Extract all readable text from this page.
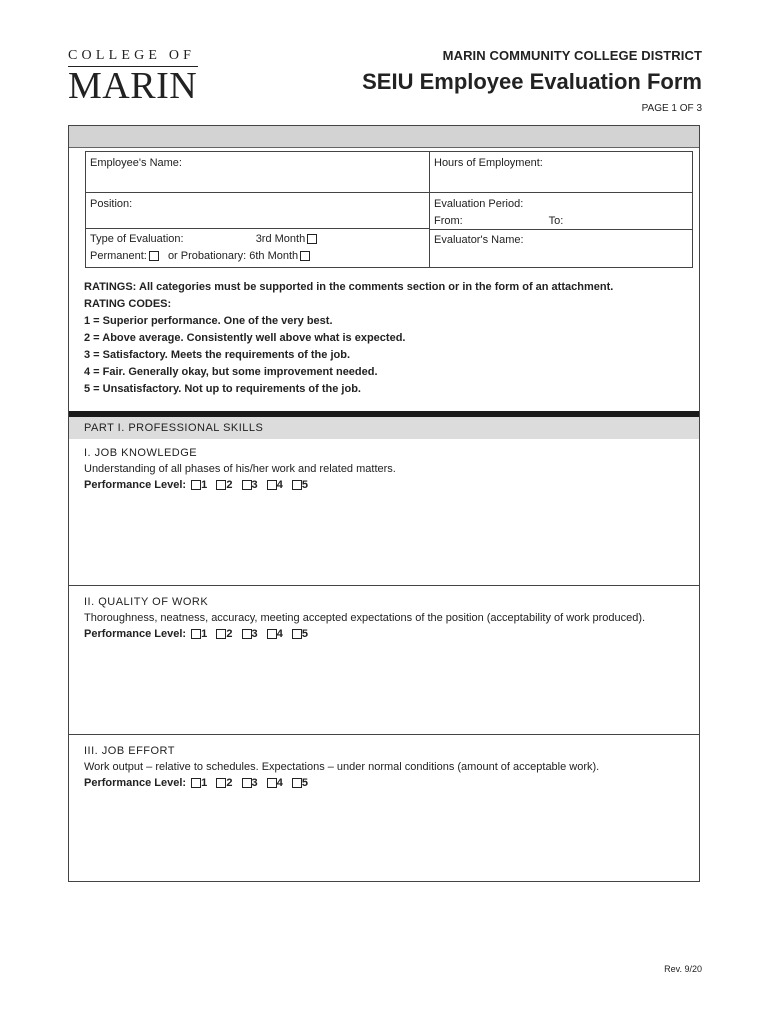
COLLEGE OF
MARIN
MARIN COMMUNITY COLLEGE DISTRICT
SEIU Employee Evaluation Form
PAGE 1 OF 3
Employee's Name:	Hours of Employment:
Position:	Evaluation Period:
From:	To:
Type of Evaluation:	3rd Month
Permanent: or Probationary: 6th Month
Evaluator's Name:
RATINGS: All categories must be supported in the comments section or in the form of an attachment.
RATING CODES:
1 = Superior performance. One of the very best.
2 = Above average. Consistently well above what is expected.
3 = Satisfactory. Meets the requirements of the job.
4 = Fair. Generally okay, but some improvement needed.
5 = Unsatisfactory. Not up to requirements of the job.
PART I. PROFESSIONAL SKILLS
I. JOB KNOWLEDGE
Understanding of all phases of his/her work and related matters.
Performance Level: 1 2 3 4 5
II. QUALITY OF WORK
Thoroughness, neatness, accuracy, meeting accepted expectations of the position (acceptability of work produced).
Performance Level: 1 2 3 4 5
III. JOB EFFORT
Work output – relative to schedules. Expectations – under normal conditions (amount of acceptable work).
Performance Level: 1 2 3 4 5
Rev. 9/20
